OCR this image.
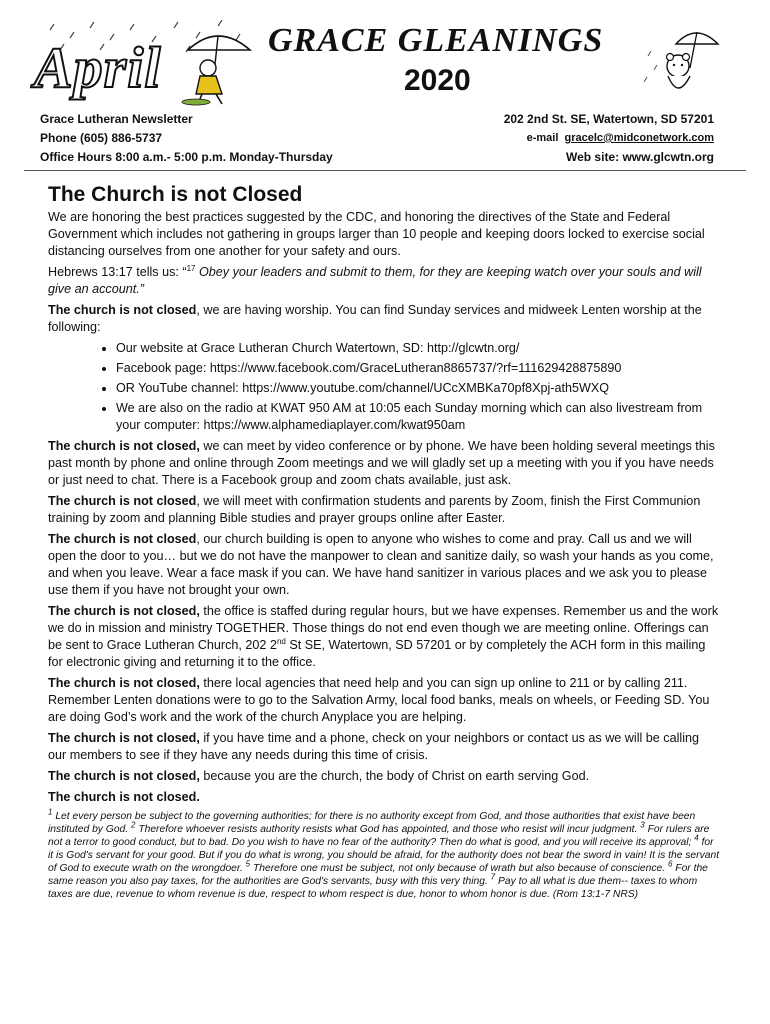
April	GRACE GLEANINGS
2020
Grace Lutheran Newsletter
Phone (605) 886-5737
Office Hours 8:00 a.m.- 5:00 p.m. Monday-Thursday
202 2nd St. SE, Watertown, SD 57201
e-mail gracelc@midconetwork.com
Web site: www.glcwtn.org
The Church is not Closed

We are honoring the best practices suggested by the CDC, and honoring the directives of the State and Federal Government which includes not gathering in groups larger than 10 people and keeping doors locked to exercise social distancing ourselves from one another for your safety and ours.

Hebrews 13:17 tells us: “$^{17}$ Obey your leaders and submit to them, for they are keeping watch over your souls and will give an account.”

The church is not closed, we are having worship. You can find Sunday services and midweek Lenten worship at the following:

• Our website at Grace Lutheran Church Watertown, SD: http://glcwtn.org/
• Facebook page: https://www.facebook.com/GraceLutheran8865737/?rf=111629428875890
• OR YouTube channel: https://www.youtube.com/channel/UCcXMBKa70pf8Xpj-ath5WXQ
• We are also on the radio at KWAT 950 AM at 10:05 each Sunday morning which can also livestream from your computer: https://www.alphamediaplayer.com/kwat950am

The church is not closed, we can meet by video conference or by phone. We have been holding several meetings this past month by phone and online through Zoom meetings and we will gladly set up a meeting with you if you have needs or just need to chat. There is a Facebook group and zoom chats available, just ask.

The church is not closed, we will meet with confirmation students and parents by Zoom, finish the First Communion training by zoom and planning Bible studies and prayer groups online after Easter.

The church is not closed, our church building is open to anyone who wishes to come and pray. Call us and we will open the door to you… but we do not have the manpower to clean and sanitize daily, so wash your hands as you come, and when you leave. Wear a face mask if you can. We have hand sanitizer in various places and we ask you to please use them if you have not brought your own.

The church is not closed, the office is staffed during regular hours, but we have expenses. Remember us and the work we do in mission and ministry TOGETHER. Those things do not end even though we are meeting online. Offerings can be sent to Grace Lutheran Church, 202 2nd St SE, Watertown, SD 57201 or by completely the ACH form in this mailing for electronic giving and returning it to the office.

The church is not closed, there local agencies that need help and you can sign up online to 211 or by calling 211. Remember Lenten donations were to go to the Salvation Army, local food banks, meals on wheels, or Feeding SD. You are doing God’s work and the work of the church Anyplace you are helping.

The church is not closed, if you have time and a phone, check on your neighbors or contact us as we will be calling our members to see if they have any needs during this time of crisis.

The church is not closed, because you are the church, the body of Christ on earth serving God.

The church is not closed.

$^1$ Let every person be subject to the governing authorities; for there is no authority except from God, and those authorities that exist have been instituted by God. $^2$ Therefore whoever resists authority resists what God has appointed, and those who resist will incur judgment. $^3$ For rulers are not a terror to good conduct, but to bad. Do you wish to have no fear of the authority? Then do what is good, and you will receive its approval; $^4$ for it is God's servant for your good. But if you do what is wrong, you should be afraid, for the authority does not bear the sword in vain! It is the servant of God to execute wrath on the wrongdoer. $^5$ Therefore one must be subject, not only because of wrath but also because of conscience. $^6$ For the same reason you also pay taxes, for the authorities are God's servants, busy with this very thing. $^7$ Pay to all what is due them-- taxes to whom taxes are due, revenue to whom revenue is due, respect to whom respect is due, honor to whom honor is due. (Rom 13:1-7 NRS)
